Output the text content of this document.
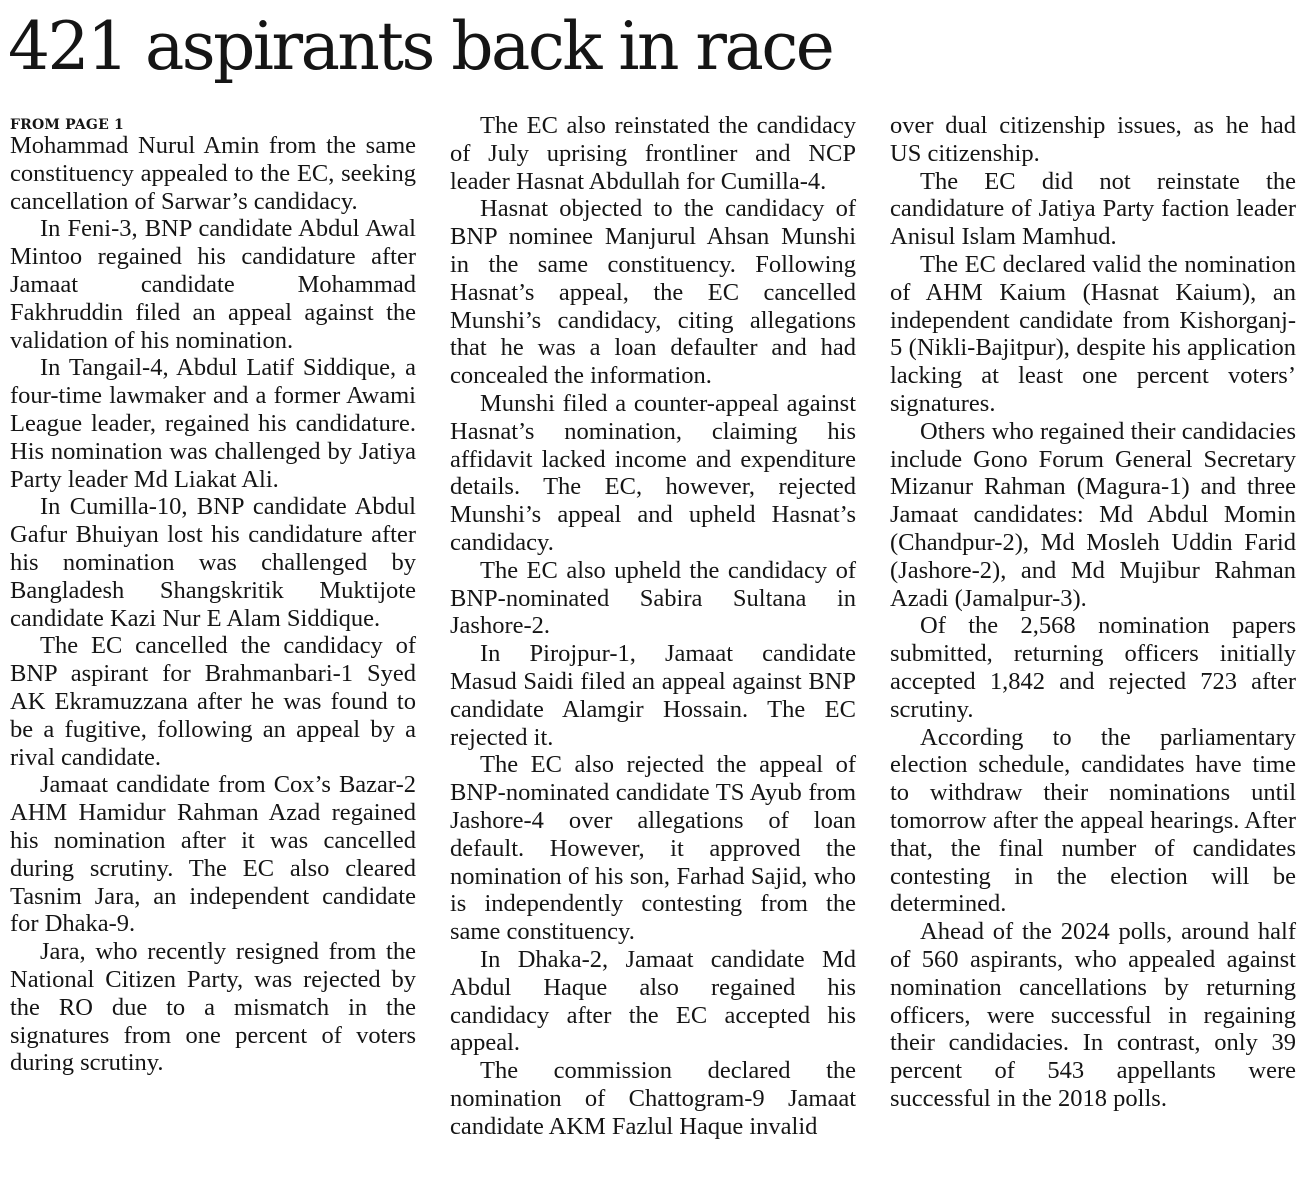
421 aspirants back in race
FROM PAGE 1

Mohammad Nurul Amin from the same constituency appealed to the EC, seeking cancellation of Sarwar’s candidacy.

In Feni-3, BNP candidate Abdul Awal Mintoo regained his candidature after Jamaat candidate Mohammad Fakhruddin filed an appeal against the validation of his nomination.

In Tangail-4, Abdul Latif Siddique, a four-time lawmaker and a former Awami League leader, regained his candidature. His nomination was challenged by Jatiya Party leader Md Liakat Ali.

In Cumilla-10, BNP candidate Abdul Gafur Bhuiyan lost his candidature after his nomination was challenged by Bangladesh Shangskritik Muktijote candidate Kazi Nur E Alam Siddique.

The EC cancelled the candidacy of BNP aspirant for Brahmanbari-1 Syed AK Ekramuzzana after he was found to be a fugitive, following an appeal by a rival candidate.

Jamaat candidate from Cox’s Bazar-2 AHM Hamidur Rahman Azad regained his nomination after it was cancelled during scrutiny. The EC also cleared Tasnim Jara, an independent candidate for Dhaka-9.

Jara, who recently resigned from the National Citizen Party, was rejected by the RO due to a mismatch in the signatures from one percent of voters during scrutiny.

The EC also reinstated the candidacy of July uprising frontliner and NCP leader Hasnat Abdullah for Cumilla-4.

Hasnat objected to the candidacy of BNP nominee Manjurul Ahsan Munshi in the same constituency. Following Hasnat’s appeal, the EC cancelled Munshi’s candidacy, citing allegations that he was a loan defaulter and had concealed the information.

Munshi filed a counter-appeal against Hasnat’s nomination, claiming his affidavit lacked income and expenditure details. The EC, however, rejected Munshi’s appeal and upheld Hasnat’s candidacy.

The EC also upheld the candidacy of BNP-nominated Sabira Sultana in Jashore-2.

In Pirojpur-1, Jamaat candidate Masud Saidi filed an appeal against BNP candidate Alamgir Hossain. The EC rejected it.

The EC also rejected the appeal of BNP-nominated candidate TS Ayub from Jashore-4 over allegations of loan default. However, it approved the nomination of his son, Farhad Sajid, who is independently contesting from the same constituency.

In Dhaka-2, Jamaat candidate Md Abdul Haque also regained his candidacy after the EC accepted his appeal.

The commission declared the nomination of Chattogram-9 Jamaat candidate AKM Fazlul Haque invalid

over dual citizenship issues, as he had US citizenship.

The EC did not reinstate the candidature of Jatiya Party faction leader Anisul Islam Mamhud.

The EC declared valid the nomination of AHM Kaium (Hasnat Kaium), an independent candidate from Kishorganj-5 (Nikli-Bajitpur), despite his application lacking at least one percent voters’ signatures.

Others who regained their candidacies include Gono Forum General Secretary Mizanur Rahman (Magura-1) and three Jamaat candidates: Md Abdul Momin (Chandpur-2), Md Mosleh Uddin Farid (Jashore-2), and Md Mujibur Rahman Azadi (Jamalpur-3).

Of the 2,568 nomination papers submitted, returning officers initially accepted 1,842 and rejected 723 after scrutiny.

According to the parliamentary election schedule, candidates have time to withdraw their nominations until tomorrow after the appeal hearings. After that, the final number of candidates contesting in the election will be determined.

Ahead of the 2024 polls, around half of 560 aspirants, who appealed against nomination cancellations by returning officers, were successful in regaining their candidacies. In contrast, only 39 percent of 543 appellants were successful in the 2018 polls.
